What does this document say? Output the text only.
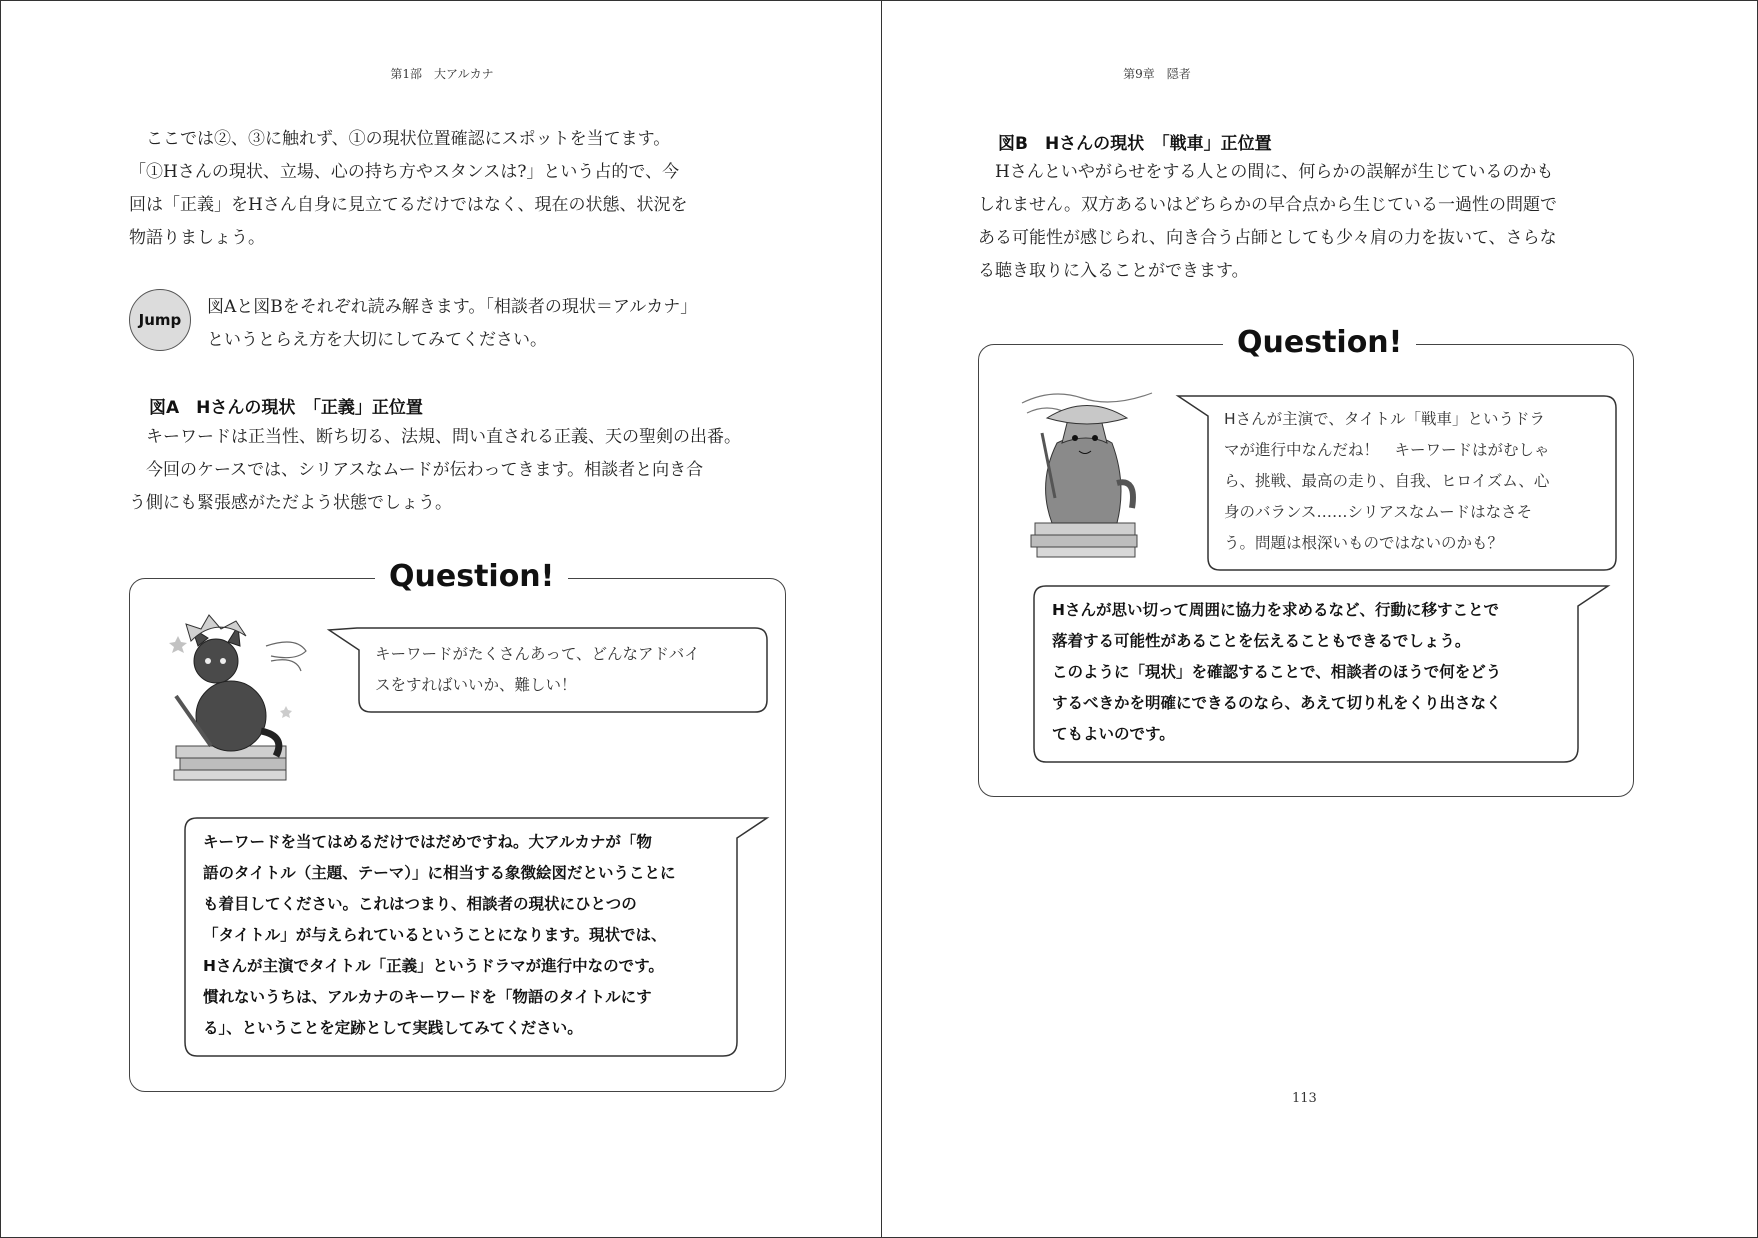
第1部　大アルカナ
　ここでは②、③に触れず、①の現状位置確認にスポットを当てます。
「①Hさんの現状、立場、心の持ち方やスタンスは?」という占的で、今
回は「正義」をHさん自身に見立てるだけではなく、現在の状態、状況を
物語りましょう。
Jump
図Aと図Bをそれぞれ読み解きます。「相談者の現状＝アルカナ」
というとらえ方を大切にしてみてください。
図A　Hさんの現状　「正義」正位置
　キーワードは正当性、断ち切る、法規、問い直される正義、天の聖剣の出番。
　今回のケースでは、シリアスなムードが伝わってきます。相談者と向き合
う側にも緊張感がただよう状態でしょう。
Question!
キーワードがたくさんあって、どんなアドバイ
スをすればいいか、難しい！
キーワードを当てはめるだけではだめですね。大アルカナが「物
語のタイトル（主題、テーマ）」に相当する象徴絵図だということに
も着目してください。これはつまり、相談者の現状にひとつの
「タイトル」が与えられているということになります。現状では、
Hさんが主演でタイトル「正義」というドラマが進行中なのです。
慣れないうちは、アルカナのキーワードを「物語のタイトルにす
る」、ということを定跡として実践してみてください。
第9章　隠者
図B　Hさんの現状　「戦車」正位置
　Hさんといやがらせをする人との間に、何らかの誤解が生じているのかも
しれません。双方あるいはどちらかの早合点から生じている一過性の問題で
ある可能性が感じられ、向き合う占師としても少々肩の力を抜いて、さらな
る聴き取りに入ることができます。
Question!
Hさんが主演で、タイトル「戦車」というドラ
マが進行中なんだね！　キーワードはがむしゃ
ら、挑戦、最高の走り、自我、ヒロイズム、心
身のバランス……シリアスなムードはなさそ
う。問題は根深いものではないのかも？
Hさんが思い切って周囲に協力を求めるなど、行動に移すことで
落着する可能性があることを伝えることもできるでしょう。
このように「現状」を確認することで、相談者のほうで何をどう
するべきかを明確にできるのなら、あえて切り札をくり出さなく
てもよいのです。
113
